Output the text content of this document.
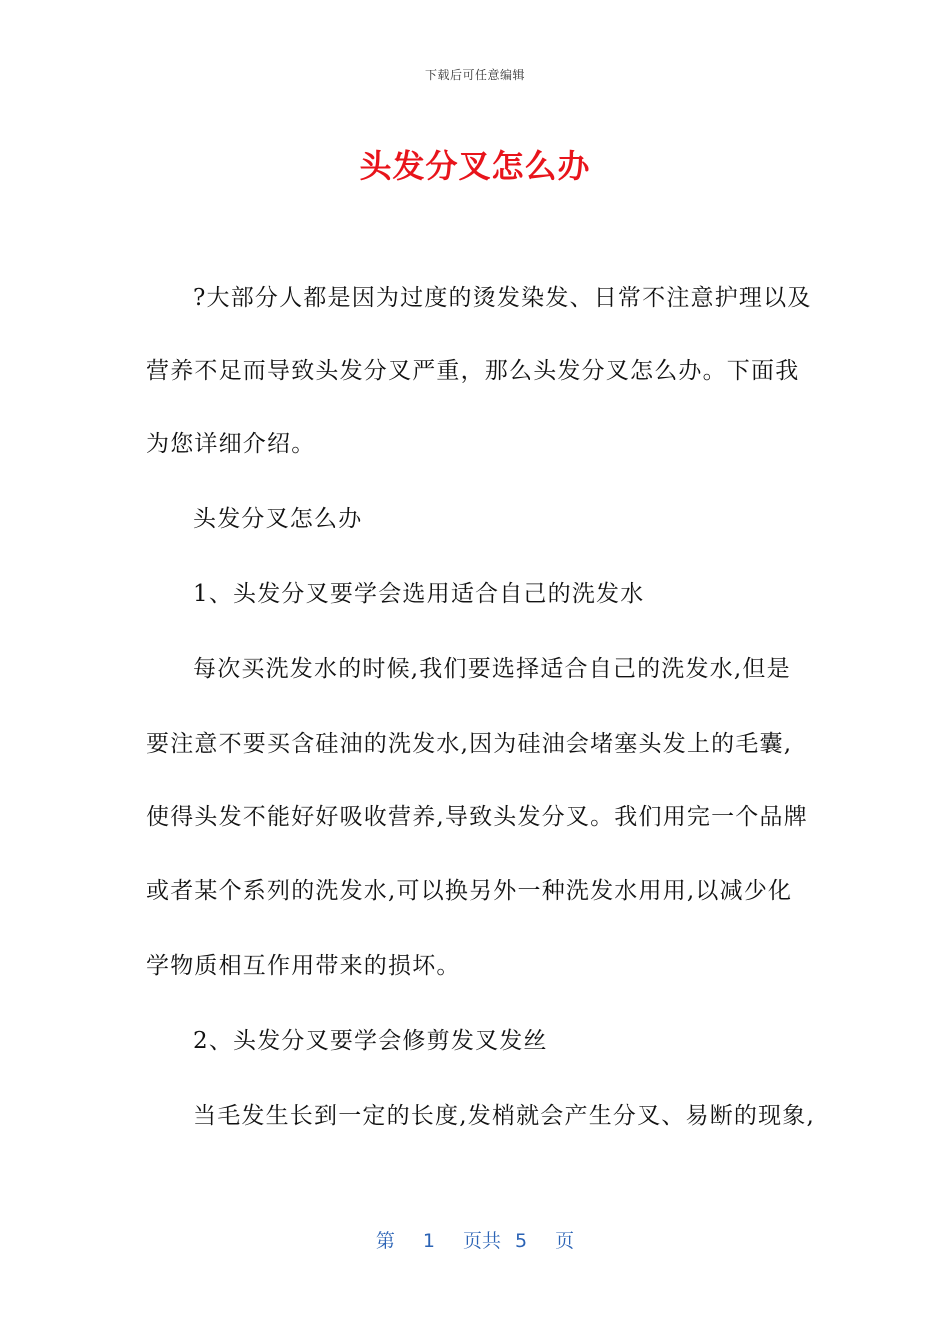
下载后可任意编辑
头发分叉怎么办
?大部分人都是因为过度的烫发染发、日常不注意护理以及
营养不足而导致头发分叉严重，那么头发分叉怎么办。下面我
为您详细介绍。
头发分叉怎么办
1、头发分叉要学会选用适合自己的洗发水
每次买洗发水的时候,我们要选择适合自己的洗发水,但是
要注意不要买含硅油的洗发水,因为硅油会堵塞头发上的毛囊,
使得头发不能好好吸收营养,导致头发分叉。我们用完一个品牌
或者某个系列的洗发水,可以换另外一种洗发水用用,以减少化
学物质相互作用带来的损坏。
2、头发分叉要学会修剪发叉发丝
当毛发生长到一定的长度,发梢就会产生分叉、易断的现象,
第 1 页共 5 页
